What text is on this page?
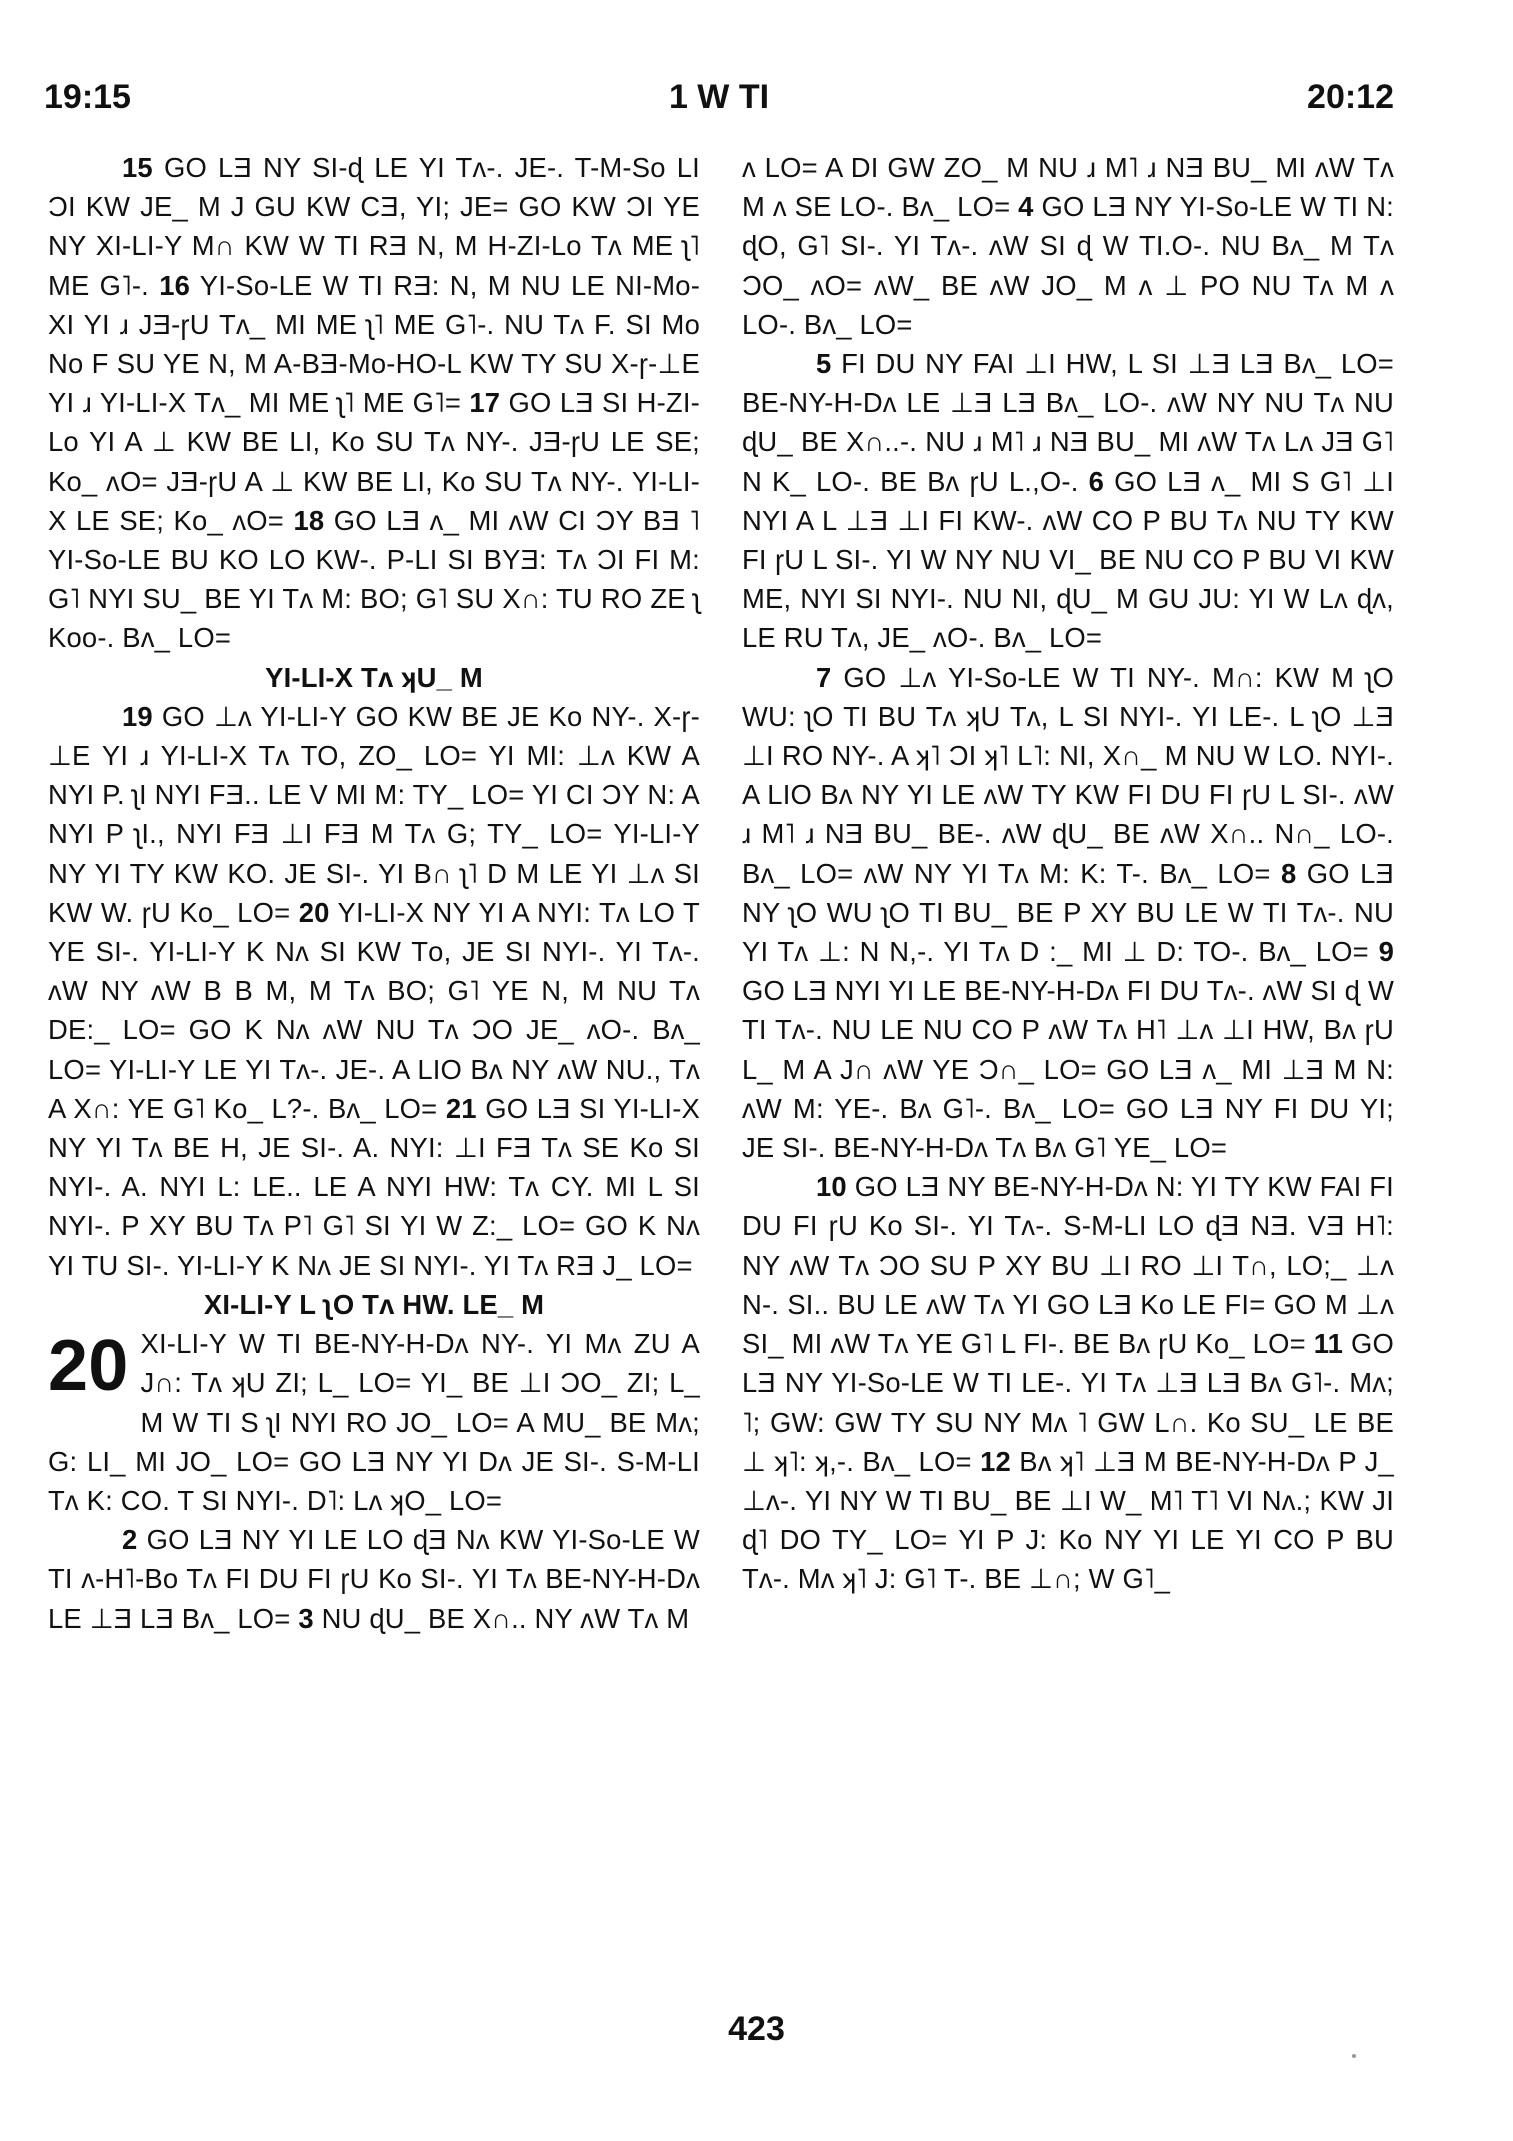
19:15	1 W TI	20:12

15 GO LƎ NY SI-ɖ LE YI Tʌ-. JE-. T-M-Sᴏ LI ƆI KW JE_ M J GU KW CƎ, YI; JE= GO KW ƆI YE NY XI-LI-Y M∩ KW W TI RƎ N, M H-ZI-Lᴏ Tʌ ME ʅ˥ ME G˥-. 16 YI-Sᴏ-LE W TI RƎ: N, M NU LE NI-Mᴏ-XI YI ɹ JƎ-ɼU Tʌ_ MI ME ʅ˥ ME G˥-. NU Tʌ F. SI Mᴏ Nᴏ F SU YE N, M A-BƎ-Mᴏ-HO-L KW TY SU X-ɼ-⊥E YI ɹ YI-LI-X Tʌ_ MI ME ʅ˥ ME G˥= 17 GO LƎ SI H-ZI-Lᴏ YI A ⊥ KW BE LI, Kᴏ SU Tʌ NY-. JƎ-ɼU LE SE; Kᴏ_ ʌO= JƎ-ɼU A ⊥ KW BE LI, Kᴏ SU Tʌ NY-. YI-LI-X LE SE; Kᴏ_ ʌO= 18 GO LƎ ʌ_ MI ʌW CI ƆY BƎ ˥ YI-Sᴏ-LE BU KO LO KW-. P-LI SI BYƎ: Tʌ ƆI FI M: G˥ NYI SU_ BE YI Tʌ M: BO; G˥ SU X∩: TU RO ZE ʅ Kᴏᴏ-. Bʌ_ LO=

YI-LI-X Tʌ ʞU_ M

19 GO ⊥ʌ YI-LI-Y GO KW BE JE Kᴏ NY-. X-ɼ-⊥E YI ɹ YI-LI-X Tʌ TO, ZO_ LO= YI MI: ⊥ʌ KW A NYI P. ʅI NYI FƎ.. LE V MI M: TY_ LO= YI CI ƆY N: A NYI P ʅI., NYI FƎ ⊥I FƎ M Tʌ G; TY_ LO= YI-LI-Y NY YI TY KW KO. JE SI-. YI B∩ ʅ˥ D M LE YI ⊥ʌ SI KW W. ɼU Kᴏ_ LO= 20 YI-LI-X NY YI A NYI: Tʌ LO T YE SI-. YI-LI-Y K Nʌ SI KW Tᴏ, JE SI NYI-. YI Tʌ-. ʌW NY ʌW B B M, M Tʌ BO; G˥ YE N, M NU Tʌ DE:_ LO= GO K Nʌ ʌW NU Tʌ ƆO JE_ ʌO-. Bʌ_ LO= YI-LI-Y LE YI Tʌ-. JE-. A LIO Bʌ NY ʌW NU., Tʌ A X∩: YE G˥ Kᴏ_ L?-. Bʌ_ LO= 21 GO LƎ SI YI-LI-X NY YI Tʌ BE H, JE SI-. A. NYI: ⊥I FƎ Tʌ SE Kᴏ SI NYI-. A. NYI L: LE.. LE A NYI HW: Tʌ CY. MI L SI NYI-. P XY BU Tʌ P˥ G˥ SI YI W Z:_ LO= GO K Nʌ YI TU SI-. YI-LI-Y K Nʌ JE SI NYI-. YI Tʌ RƎ J_ LO=

XI-LI-Y L ʅO Tʌ HW. LE_ M

20 XI-LI-Y W TI BE-NY-H-Dʌ NY-. YI Mʌ ZU A J∩: Tʌ ʞU ZI; L_ LO= YI_ BE ⊥I ƆO_ ZI; L_ M W TI S ʅI NYI RO JO_ LO= A MU_ BE Mʌ; G: LI_ MI JO_ LO= GO LƎ NY YI Dʌ JE SI-. S-M-LI Tʌ K: CO. T SI NYI-. D˥: Lʌ ʞO_ LO=

2 GO LƎ NY YI LE LO ɖƎ Nʌ KW YI-Sᴏ-LE W TI ʌ-H˥-Bᴏ Tʌ FI DU FI ɼU Kᴏ SI-. YI Tʌ BE-NY-H-Dʌ LE ⊥Ǝ LƎ Bʌ_ LO= 3 NU ɖU_ BE X∩.. NY ʌW Tʌ M

ʌ LO= A DI GW ZO_ M NU ɹ M˥ ɹ NƎ BU_ MI ʌW Tʌ M ʌ SE LO-. Bʌ_ LO= 4 GO LƎ NY YI-Sᴏ-LE W TI N: ɖO, G˥ SI-. YI Tʌ-. ʌW SI ɖ W TI.O-. NU Bʌ_ M Tʌ ƆO_ ʌO= ʌW_ BE ʌW JO_ M ʌ ⊥ PO NU Tʌ M ʌ LO-. Bʌ_ LO=

5 FI DU NY FAI ⊥I HW, L SI ⊥Ǝ LƎ Bʌ_ LO= BE-NY-H-Dʌ LE ⊥Ǝ LƎ Bʌ_ LO-. ʌW NY NU Tʌ NU ɖU_ BE X∩..-. NU ɹ M˥ ɹ NƎ BU_ MI ʌW Tʌ Lʌ JƎ G˥ N K_ LO-. BE Bʌ ɼU L.,O-. 6 GO LƎ ʌ_ MI S G˥ ⊥I NYI A L ⊥Ǝ ⊥I FI KW-. ʌW CO P BU Tʌ NU TY KW FI ɼU L SI-. YI W NY NU VI_ BE NU CO P BU VI KW ME, NYI SI NYI-. NU NI, ɖU_ M GU JU: YI W Lʌ ɖʌ, LE RU Tʌ, JE_ ʌO-. Bʌ_ LO=

7 GO ⊥ʌ YI-Sᴏ-LE W TI NY-. M∩: KW M ʅO WU: ʅO TI BU Tʌ ʞU Tʌ, L SI NYI-. YI LE-. L ʅO ⊥Ǝ ⊥I RO NY-. A ʞ˥ ƆI ʞ˥ L˥: NI, X∩_ M NU W LO. NYI-. A LIO Bʌ NY YI LE ʌW TY KW FI DU FI ɼU L SI-. ʌW ɹ M˥ ɹ NƎ BU_ BE-. ʌW ɖU_ BE ʌW X∩.. N∩_ LO-. Bʌ_ LO= ʌW NY YI Tʌ M: K: T-. Bʌ_ LO= 8 GO LƎ NY ʅO WU ʅO TI BU_ BE P XY BU LE W TI Tʌ-. NU YI Tʌ ⊥: N N,-. YI Tʌ D :_ MI ⊥ D: TO-. Bʌ_ LO= 9 GO LƎ NYI YI LE BE-NY-H-Dʌ FI DU Tʌ-. ʌW SI ɖ W TI Tʌ-. NU LE NU CO P ʌW Tʌ H˥ ⊥ʌ ⊥I HW, Bʌ ɼU L_ M A J∩ ʌW YE Ɔ∩_ LO= GO LƎ ʌ_ MI ⊥Ǝ M N: ʌW M: YE-. Bʌ G˥-. Bʌ_ LO= GO LƎ NY FI DU YI; JE SI-. BE-NY-H-Dʌ Tʌ Bʌ G˥ YE_ LO=

10 GO LƎ NY BE-NY-H-Dʌ N: YI TY KW FAI FI DU FI ɼU Kᴏ SI-. YI Tʌ-. S-M-LI LO ɖƎ NƎ. VƎ H˥: NY ʌW Tʌ ƆO SU P XY BU ⊥I RO ⊥I T∩, LO;_ ⊥ʌ N-. SI.. BU LE ʌW Tʌ YI GO LƎ Kᴏ LE FI= GO M ⊥ʌ SI_ MI ʌW Tʌ YE G˥ L FI-. BE Bʌ ɼU Kᴏ_ LO= 11 GO LƎ NY YI-Sᴏ-LE W TI LE-. YI Tʌ ⊥Ǝ LƎ Bʌ G˥-. Mʌ; ˥; GW: GW TY SU NY Mʌ ˥ GW L∩. Kᴏ SU_ LE BE ⊥ ʞ˥: ʞ,-. Bʌ_ LO= 12 Bʌ ʞ˥ ⊥Ǝ M BE-NY-H-Dʌ P J_ ⊥ʌ-. YI NY W TI BU_ BE ⊥I W_ M˥ T˥ VI Nʌ.; KW JI ɖ˥ DO TY_ LO= YI P J: Kᴏ NY YI LE YI CO P BU Tʌ-. Mʌ ʞ˥ J: G˥ T-. BE ⊥∩; W G˥_

423
